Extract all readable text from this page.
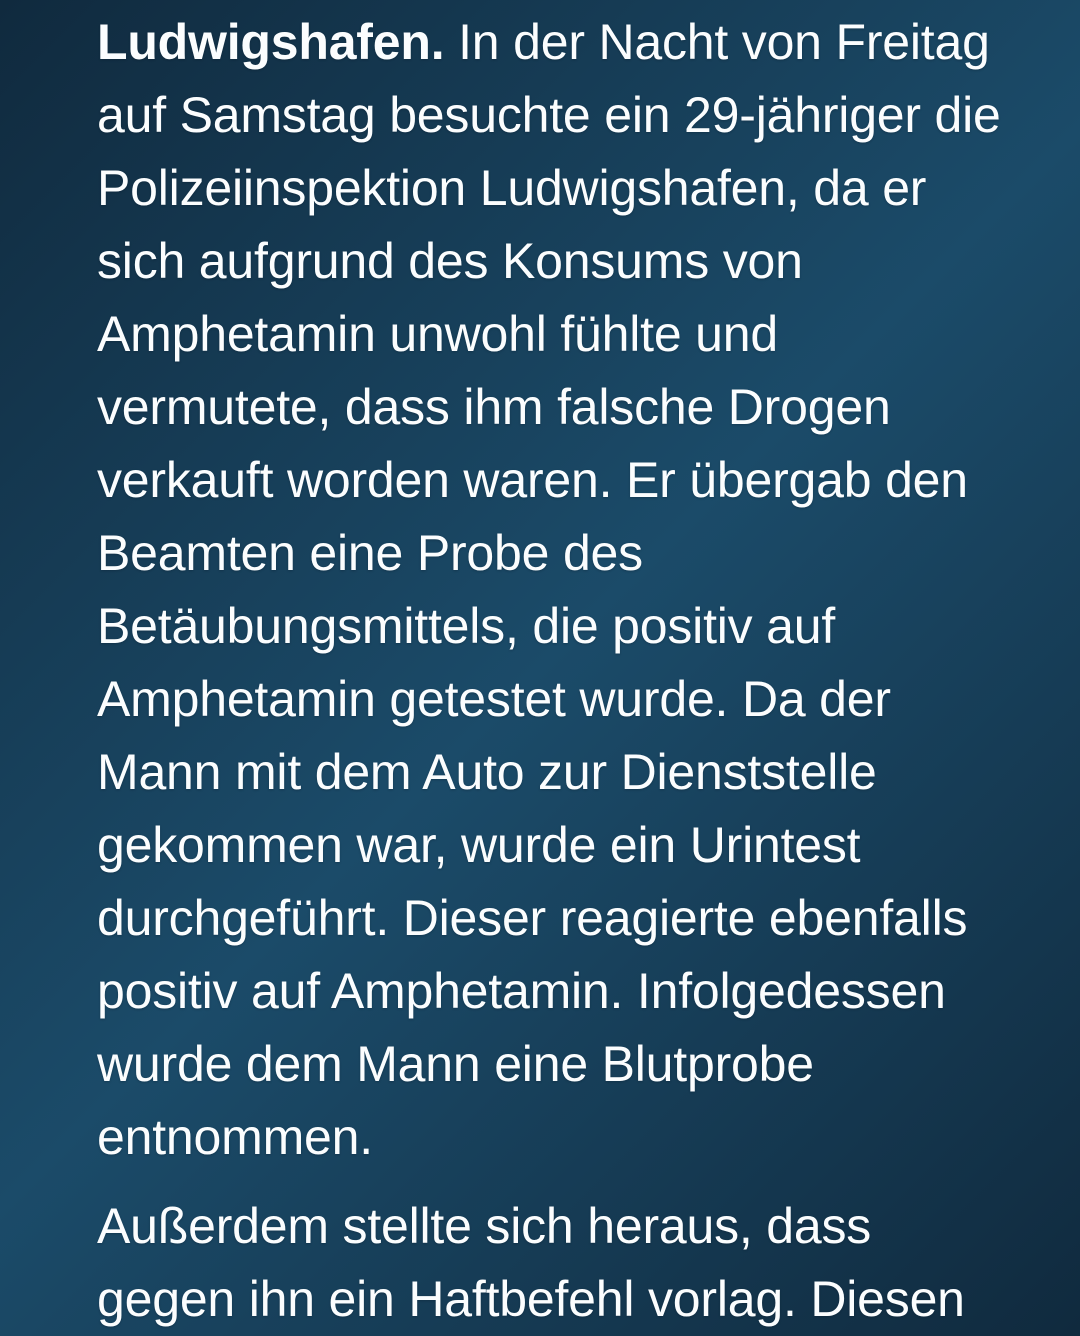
Ludwigshafen. In der Nacht von Freitag
auf Samstag besuchte ein 29-jähriger die
Polizeiinspektion Ludwigshafen, da er
sich aufgrund des Konsums von
Amphetamin unwohl fühlte und
vermutete, dass ihm falsche Drogen
verkauft worden waren. Er übergab den
Beamten eine Probe des
Betäubungsmittels, die positiv auf
Amphetamin getestet wurde. Da der
Mann mit dem Auto zur Dienststelle
gekommen war, wurde ein Urintest
durchgeführt. Dieser reagierte ebenfalls
positiv auf Amphetamin. Infolgedessen
wurde dem Mann eine Blutprobe
entnommen.
Außerdem stellte sich heraus, dass
gegen ihn ein Haftbefehl vorlag. Diesen
